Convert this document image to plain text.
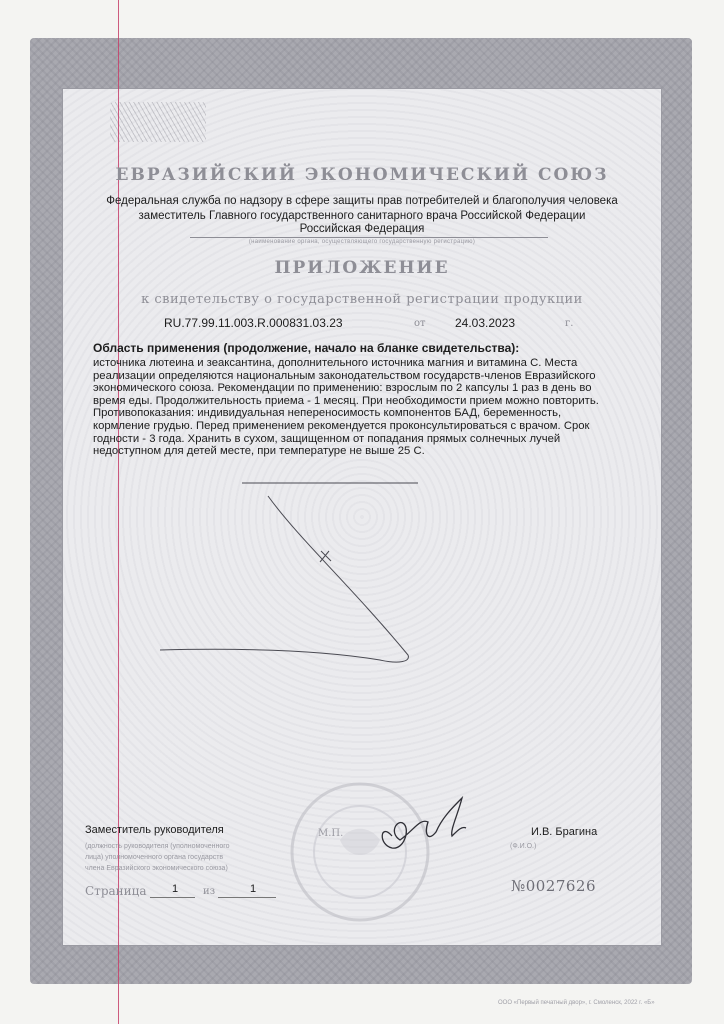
ЕВРАЗИЙСКИЙ ЭКОНОМИЧЕСКИЙ СОЮЗ
Федеральная служба по надзору в сфере защиты прав потребителей и благополучия человека
заместитель Главного государственного санитарного врача Российской Федерации
Российская Федерация
(наименование органа, осуществляющего государственную регистрацию)
ПРИЛОЖЕНИЕ
к свидетельству о государственной регистрации продукции
RU.77.99.11.003.R.000831.03.23	от 24.03.2023	г.
Область применения (продолжение, начало на бланке свидетельства):
источника лютеина и зеаксантина, дополнительного источника магния и витамина С. Места
реализации определяются национальным законодательством государств-членов Евразийского
экономического союза. Рекомендации по применению: взрослым по 2 капсулы 1 раз в день во
время еды. Продолжительность приема - 1 месяц. При необходимости прием можно повторить.
Противопоказания: индивидуальная непереносимость компонентов БАД, беременность,
кормление грудью. Перед применением рекомендуется проконсультироваться с врачом. Срок
годности - 3 года. Хранить в сухом, защищенном от попадания прямых солнечных лучей
недоступном для детей месте, при температуре не выше 25 С.
Заместитель руководителя	М.П.	И.В. Брагина
(должность руководителя (уполномоченного
лица) уполномоченного органа государств
члена Евразийского экономического союза)
(Ф.И.О.)
Страница 1 из	1	№0027626
ООО «Первый печатный двор», г. Смоленск, 2022 г. «Б»
